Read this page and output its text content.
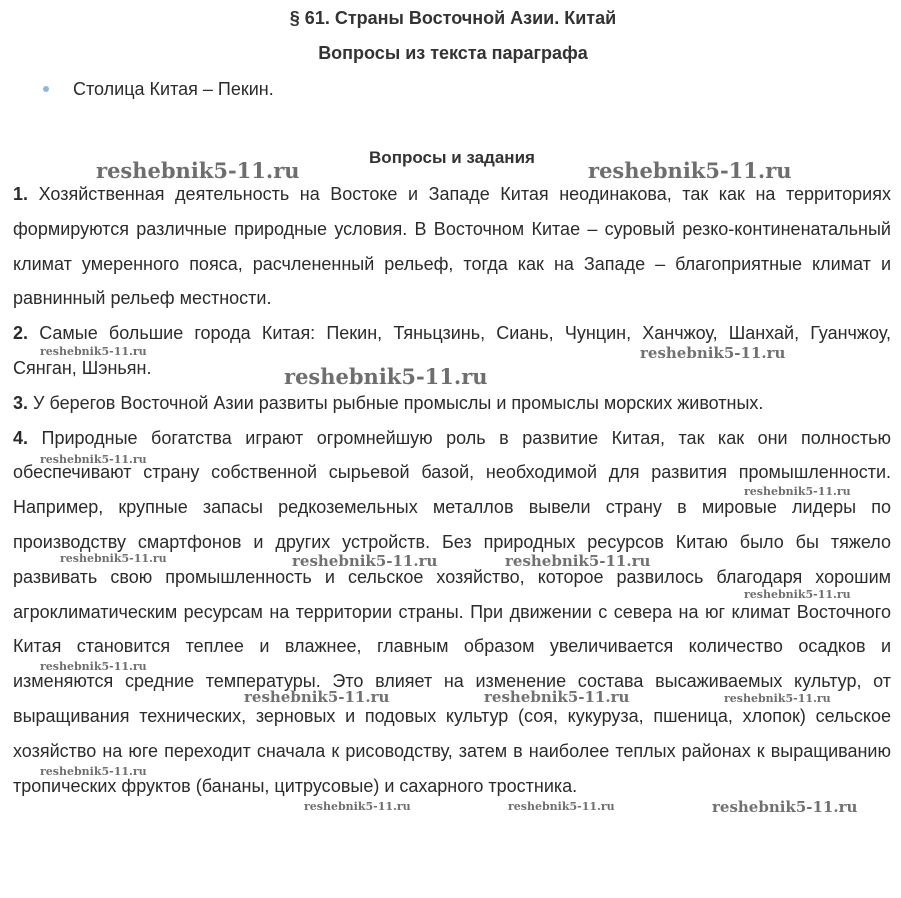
§ 61. Страны Восточной Азии. Китай
Вопросы из текста параграфа
Столица Китая – Пекин.
Вопросы и задания

1. Хозяйственная деятельность на Востоке и Западе Китая неодинакова, так как на территориях формируются различные природные условия. В Восточном Китае – суровый резко-континенатальный климат умеренного пояса, расчлененный рельеф, тогда как на Западе – благоприятные климат и равнинный рельеф местности.

2. Самые большие города Китая: Пекин, Тяньцзинь, Сиань, Чунцин, Ханчжоу, Шанхай, Гуанчжоу, Сянган, Шэньян.

3. У берегов Восточной Азии развиты рыбные промыслы и промыслы морских животных.

4. Природные богатства играют огромнейшую роль в развитие Китая, так как они полностью обеспечивают страну собственной сырьевой базой, необходимой для развития промышленности. Например, крупные запасы редкоземельных металлов вывели страну в мировые лидеры по производству смартфонов и других устройств. Без природных ресурсов Китаю было бы тяжело развивать свою промышленность и сельское хозяйство, которое развилось благодаря хорошим агроклиматическим ресурсам на территории страны. При движении с севера на юг климат Восточного Китая становится теплее и влажнее, главным образом увеличивается количество осадков и изменяются средние температуры. Это влияет на изменение состава высаживаемых культур, от выращивания технических, зерновых и подовых культур (соя, кукуруза, пшеница, хлопок) сельское хозяйство на юге переходит сначала к рисоводству, затем в наиболее теплых районах к выращиванию тропических фруктов (бананы, цитрусовые) и сахарного тростника.

reshebnik5-11.ru	reshebnik5-11.ru
reshebnik5-11.ru	reshebnik5-11.ru
reshebnik5-11.ru
reshebnik5-11.ru
reshebnik5-11.ru
reshebnik5-11.ru	reshebnik5-11.ru	reshebnik5-11.ru
reshebnik5-11.ru
reshebnik5-11.ru
reshebnik5-11.ru	reshebnik5-11.ru	reshebnik5-11.ru
reshebnik5-11.ru
reshebnik5-11.ru	reshebnik5-11.ru	reshebnik5-11.ru
